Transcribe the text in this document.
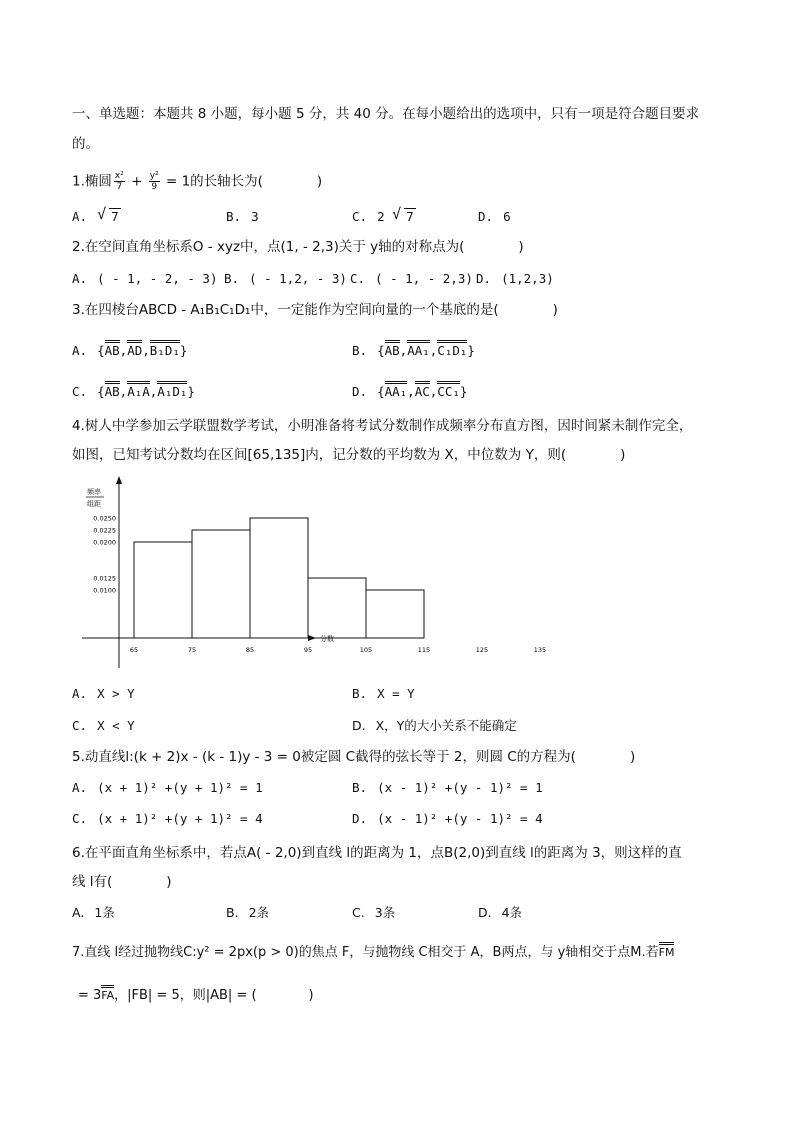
一、单选题：本题共 8 小题，每小题 5 分，共 40 分。在每小题给出的选项中，只有一项是符合题目要求
的。
1.椭圆 $\frac{\text{x²}}{7} + \frac{\text{y²}}{9} = 1$的长轴长为(　　　　)
A. √ 7	B. 3	C. 2 √ 7	D. 6
2.在空间直角坐标系O - xyz中，点(1, - 2,3)关于 y轴的对称点为(　　　　)
A. ( - 1, - 2, - 3) B. ( - 1,2, - 3) C. ( - 1, - 2,3) D. (1,2,3)
3.在四棱台ABCD - A₁B₁C₁D₁中，一定能作为空间向量的一个基底的是(　　　　)
A. {AB,AD,B₁D₁}	B. {AB,AA₁,C₁D₁}
C. {AB,A₁A,A₁D₁}	D. {AA₁,AC,CC₁}
4.树人中学参加云学联盟数学考试，小明准备将考试分数制作成频率分布直方图，因时间紧未制作完全，
如图，已知考试分数均在区间[65,135]内，记分数的平均数为 X，中位数为 Y，则(　　　　)
频率
组距
分数
0.0250
0.0225
0.0200
0.0125
0.0100
65	75	85	95	105	115	125	135
A. X > Y	B. X = Y
C. X < Y	D. X，Y的大小关系不能确定
5.动直线l:(k + 2)x - (k - 1)y - 3 = 0被定圆 C截得的弦长等于 2，则圆 C的方程为(　　　　)
A. (x + 1)² +(y + 1)² = 1	B. (x - 1)² +(y - 1)² = 1
C. (x + 1)² +(y + 1)² = 4	D. (x - 1)² +(y - 1)² = 4
6.在平面直角坐标系中，若点A( - 2,0)到直线 l的距离为 1，点B(2,0)到直线 l的距离为 3，则这样的直
线 l有(　　　　)
A. 1条	B. 2条	C. 3条	D. 4条
7.直线 l经过抛物线C:y² = 2px(p > 0)的焦点 F，与抛物线 C相交于 A，B两点，与 y轴相交于点M.若FM
= 3FA，|FB| = 5，则|AB| = (　　　　)
